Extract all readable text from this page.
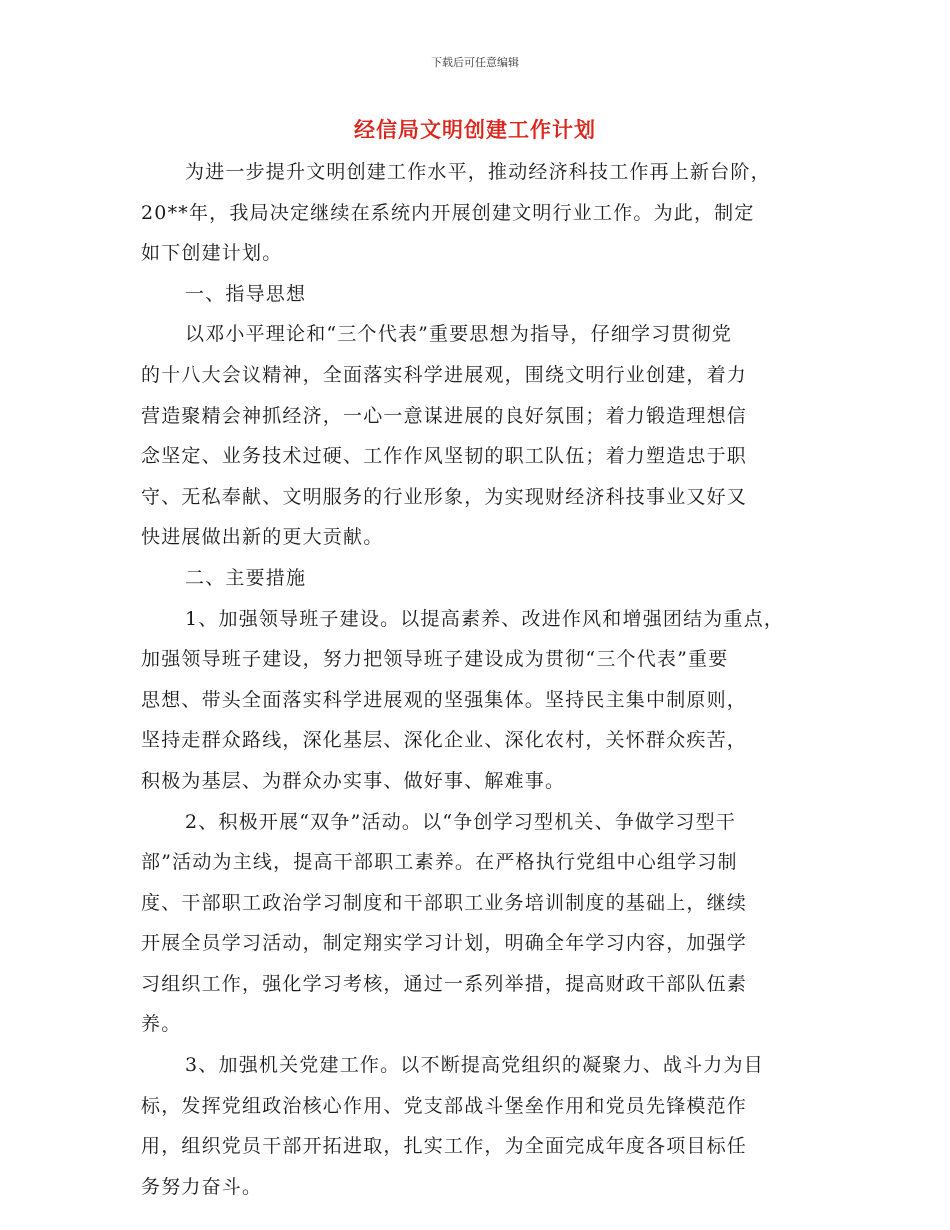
下载后可任意编辑
经信局文明创建工作计划
为进一步提升文明创建工作水平，推动经济科技工作再上新台阶，
20**年，我局决定继续在系统内开展创建文明行业工作。为此，制定
如下创建计划。
一、指导思想
以邓小平理论和“三个代表”重要思想为指导，仔细学习贯彻党
的十八大会议精神，全面落实科学进展观，围绕文明行业创建，着力
营造聚精会神抓经济，一心一意谋进展的良好氛围；着力锻造理想信
念坚定、业务技术过硬、工作作风坚韧的职工队伍；着力塑造忠于职
守、无私奉献、文明服务的行业形象，为实现财经济科技事业又好又
快进展做出新的更大贡献。
二、主要措施
1、加强领导班子建设。以提高素养、改进作风和增强团结为重点，
加强领导班子建设，努力把领导班子建设成为贯彻“三个代表”重要
思想、带头全面落实科学进展观的坚强集体。坚持民主集中制原则，
坚持走群众路线，深化基层、深化企业、深化农村，关怀群众疾苦，
积极为基层、为群众办实事、做好事、解难事。
2、积极开展“双争”活动。以“争创学习型机关、争做学习型干
部”活动为主线，提高干部职工素养。在严格执行党组中心组学习制
度、干部职工政治学习制度和干部职工业务培训制度的基础上，继续
开展全员学习活动，制定翔实学习计划，明确全年学习内容，加强学
习组织工作，强化学习考核，通过一系列举措，提高财政干部队伍素
养。
3、加强机关党建工作。以不断提高党组织的凝聚力、战斗力为目
标，发挥党组政治核心作用、党支部战斗堡垒作用和党员先锋模范作
用，组织党员干部开拓进取，扎实工作，为全面完成年度各项目标任
务努力奋斗。
